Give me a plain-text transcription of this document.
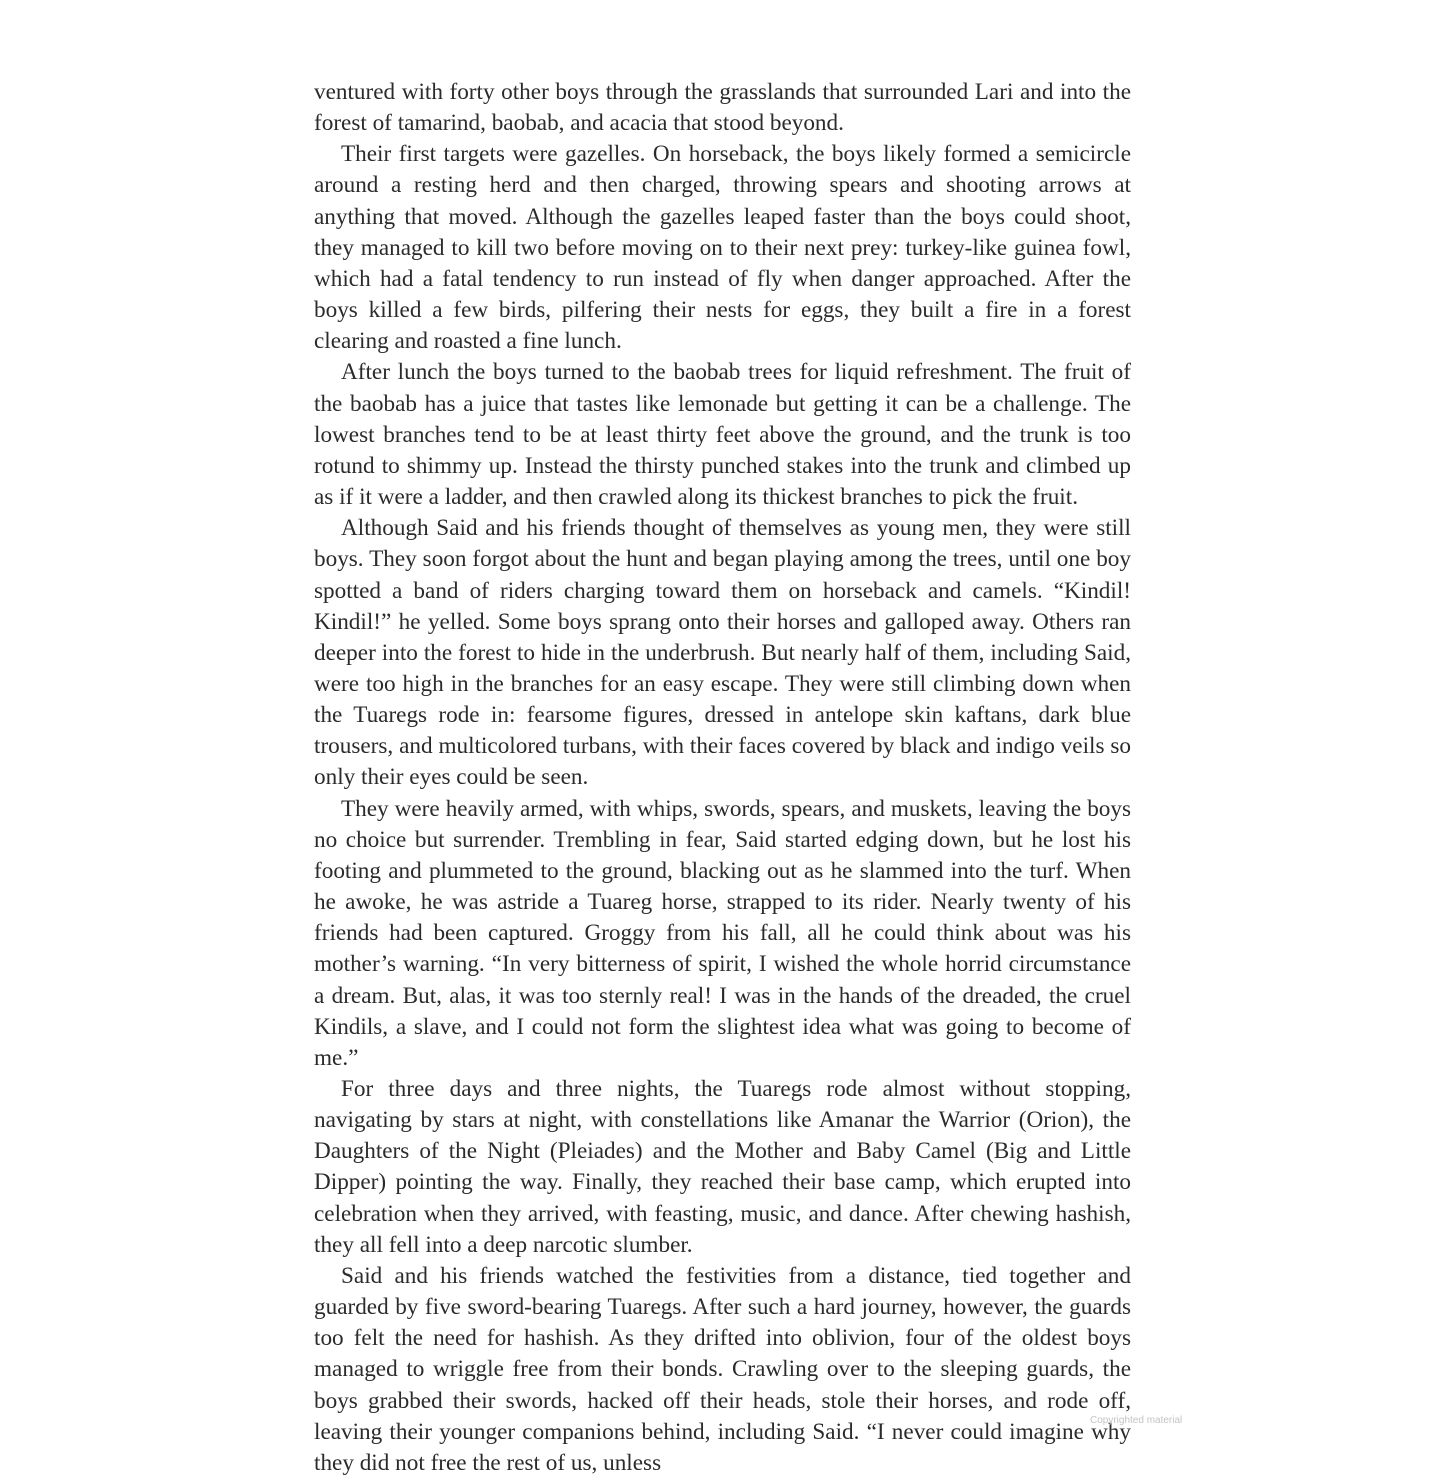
ventured with forty other boys through the grasslands that surrounded Lari and into the forest of tamarind, baobab, and acacia that stood beyond.

Their first targets were gazelles. On horseback, the boys likely formed a semicircle around a resting herd and then charged, throwing spears and shooting arrows at anything that moved. Although the gazelles leaped faster than the boys could shoot, they managed to kill two before moving on to their next prey: turkey-like guinea fowl, which had a fatal tendency to run instead of fly when danger approached. After the boys killed a few birds, pilfering their nests for eggs, they built a fire in a forest clearing and roasted a fine lunch.

After lunch the boys turned to the baobab trees for liquid refreshment. The fruit of the baobab has a juice that tastes like lemonade but getting it can be a challenge. The lowest branches tend to be at least thirty feet above the ground, and the trunk is too rotund to shimmy up. Instead the thirsty punched stakes into the trunk and climbed up as if it were a ladder, and then crawled along its thickest branches to pick the fruit.

Although Said and his friends thought of themselves as young men, they were still boys. They soon forgot about the hunt and began playing among the trees, until one boy spotted a band of riders charging toward them on horseback and camels. “Kindil! Kindil!” he yelled. Some boys sprang onto their horses and galloped away. Others ran deeper into the forest to hide in the underbrush. But nearly half of them, including Said, were too high in the branches for an easy escape. They were still climbing down when the Tuaregs rode in: fearsome figures, dressed in antelope skin kaftans, dark blue trousers, and multicolored turbans, with their faces covered by black and indigo veils so only their eyes could be seen.

They were heavily armed, with whips, swords, spears, and muskets, leaving the boys no choice but surrender. Trembling in fear, Said started edging down, but he lost his footing and plummeted to the ground, blacking out as he slammed into the turf. When he awoke, he was astride a Tuareg horse, strapped to its rider. Nearly twenty of his friends had been captured. Groggy from his fall, all he could think about was his mother’s warning. “In very bitterness of spirit, I wished the whole horrid circumstance a dream. But, alas, it was too sternly real! I was in the hands of the dreaded, the cruel Kindils, a slave, and I could not form the slightest idea what was going to become of me.”

For three days and three nights, the Tuaregs rode almost without stopping, navigating by stars at night, with constellations like Amanar the Warrior (Orion), the Daughters of the Night (Pleiades) and the Mother and Baby Camel (Big and Little Dipper) pointing the way. Finally, they reached their base camp, which erupted into celebration when they arrived, with feasting, music, and dance. After chewing hashish, they all fell into a deep narcotic slumber.

Said and his friends watched the festivities from a distance, tied together and guarded by five sword-bearing Tuaregs. After such a hard journey, however, the guards too felt the need for hashish. As they drifted into oblivion, four of the oldest boys managed to wriggle free from their bonds. Crawling over to the sleeping guards, the boys grabbed their swords, hacked off their heads, stole their horses, and rode off, leaving their younger companions behind, including Said. “I never could imagine why they did not free the rest of us, unless

Copyrighted material
